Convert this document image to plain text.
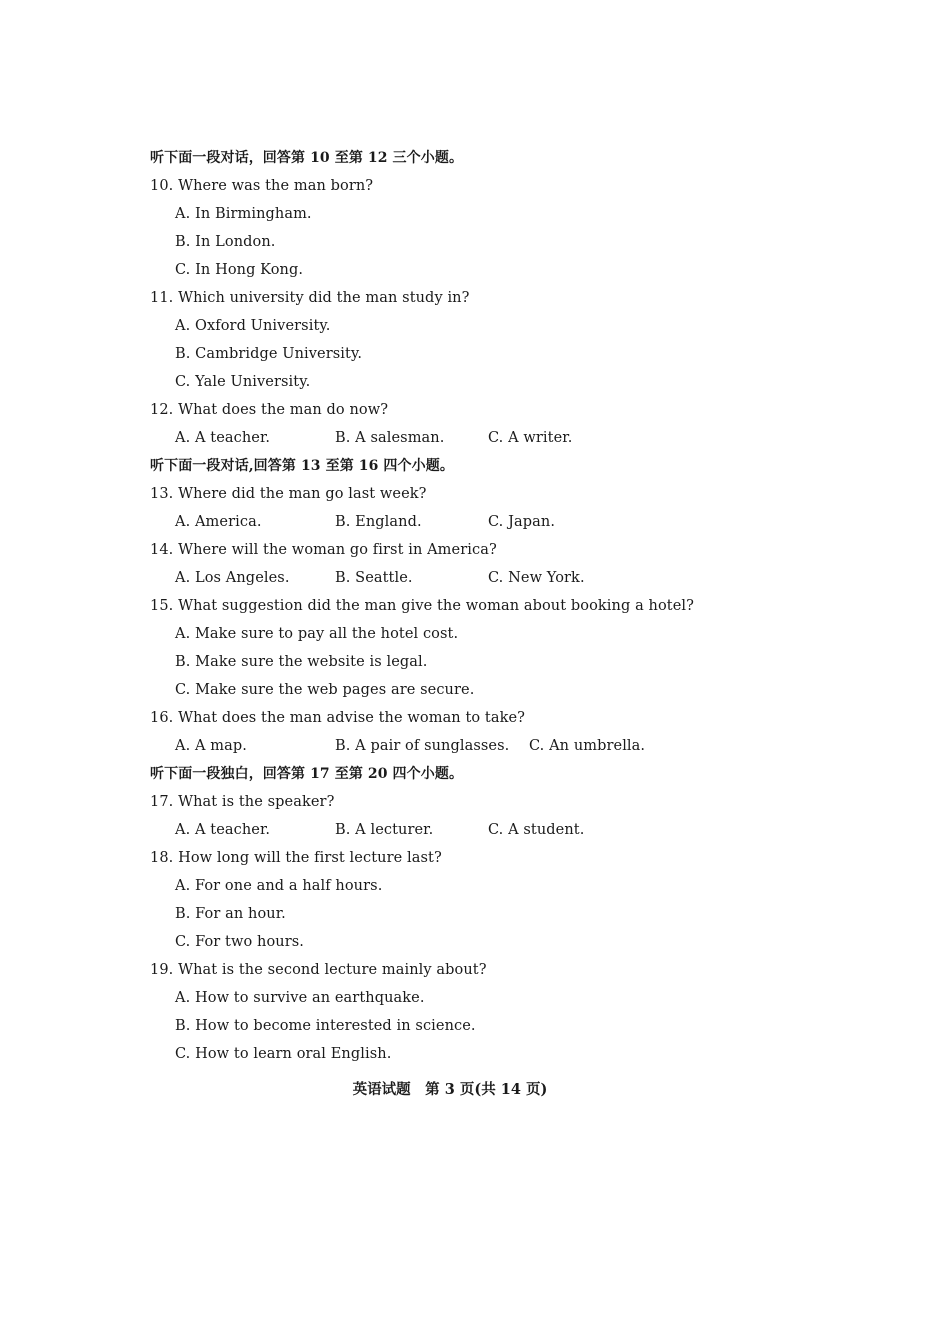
听下面一段对话，回答第 10 至第 12 三个小题。
10. Where was the man born?
A. In Birmingham.
B. In London.
C. In Hong Kong.
11. Which university did the man study in?
A. Oxford University.
B. Cambridge University.
C. Yale University.
12. What does the man do now?
A. A teacher.	B. A salesman.	C. A writer.
听下面一段对话,回答第 13 至第 16 四个小题。
13. Where did the man go last week?
A. America.	B. England.	C. Japan.
14. Where will the woman go first in America?
A. Los Angeles.	B. Seattle.	C. New York.
15. What suggestion did the man give the woman about booking a hotel?
A. Make sure to pay all the hotel cost.
B. Make sure the website is legal.
C. Make sure the web pages are secure.
16. What does the man advise the woman to take?
A. A map.	B. A pair of sunglasses. C. An umbrella.
听下面一段独白，回答第 17 至第 20 四个小题。
17. What is the speaker?
A. A teacher.	B. A lecturer.	C. A student.
18. How long will the first lecture last?
A. For one and a half hours.
B. For an hour.
C. For two hours.
19. What is the second lecture mainly about?
A. How to survive an earthquake.
B. How to become interested in science.
C. How to learn oral English.
英语试题　第 3 页(共 14 页)
